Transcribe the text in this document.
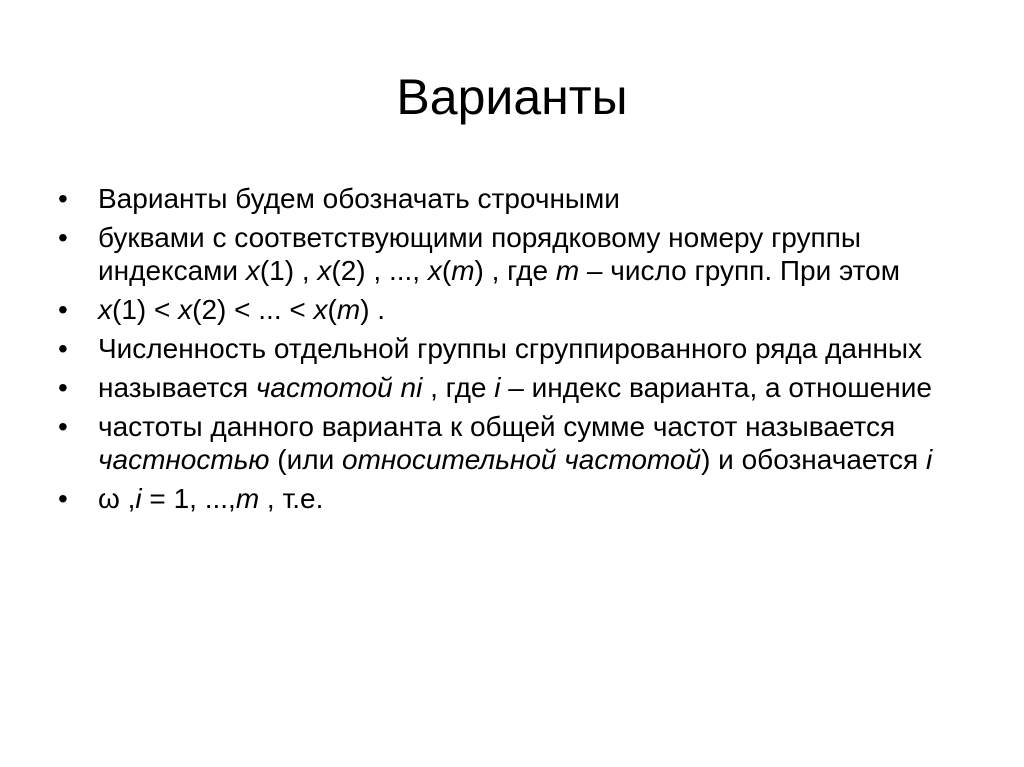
Варианты
•	Варианты будем обозначать строчными
•	буквами с соответствующими порядковому номеру группы индексами x(1) , x(2) , ..., x(m) , где m – число групп. При этом
•	x(1) < x(2) < ... < x(m) .
•	Численность отдельной группы сгруппированного ряда данных
•	называется частотой ni , где i – индекс варианта, а отношение
•	частоты данного варианта к общей сумме частот называется частностью (или относительной частотой) и обозначается i
•	ω ,i = 1, ...,m , т.е.
